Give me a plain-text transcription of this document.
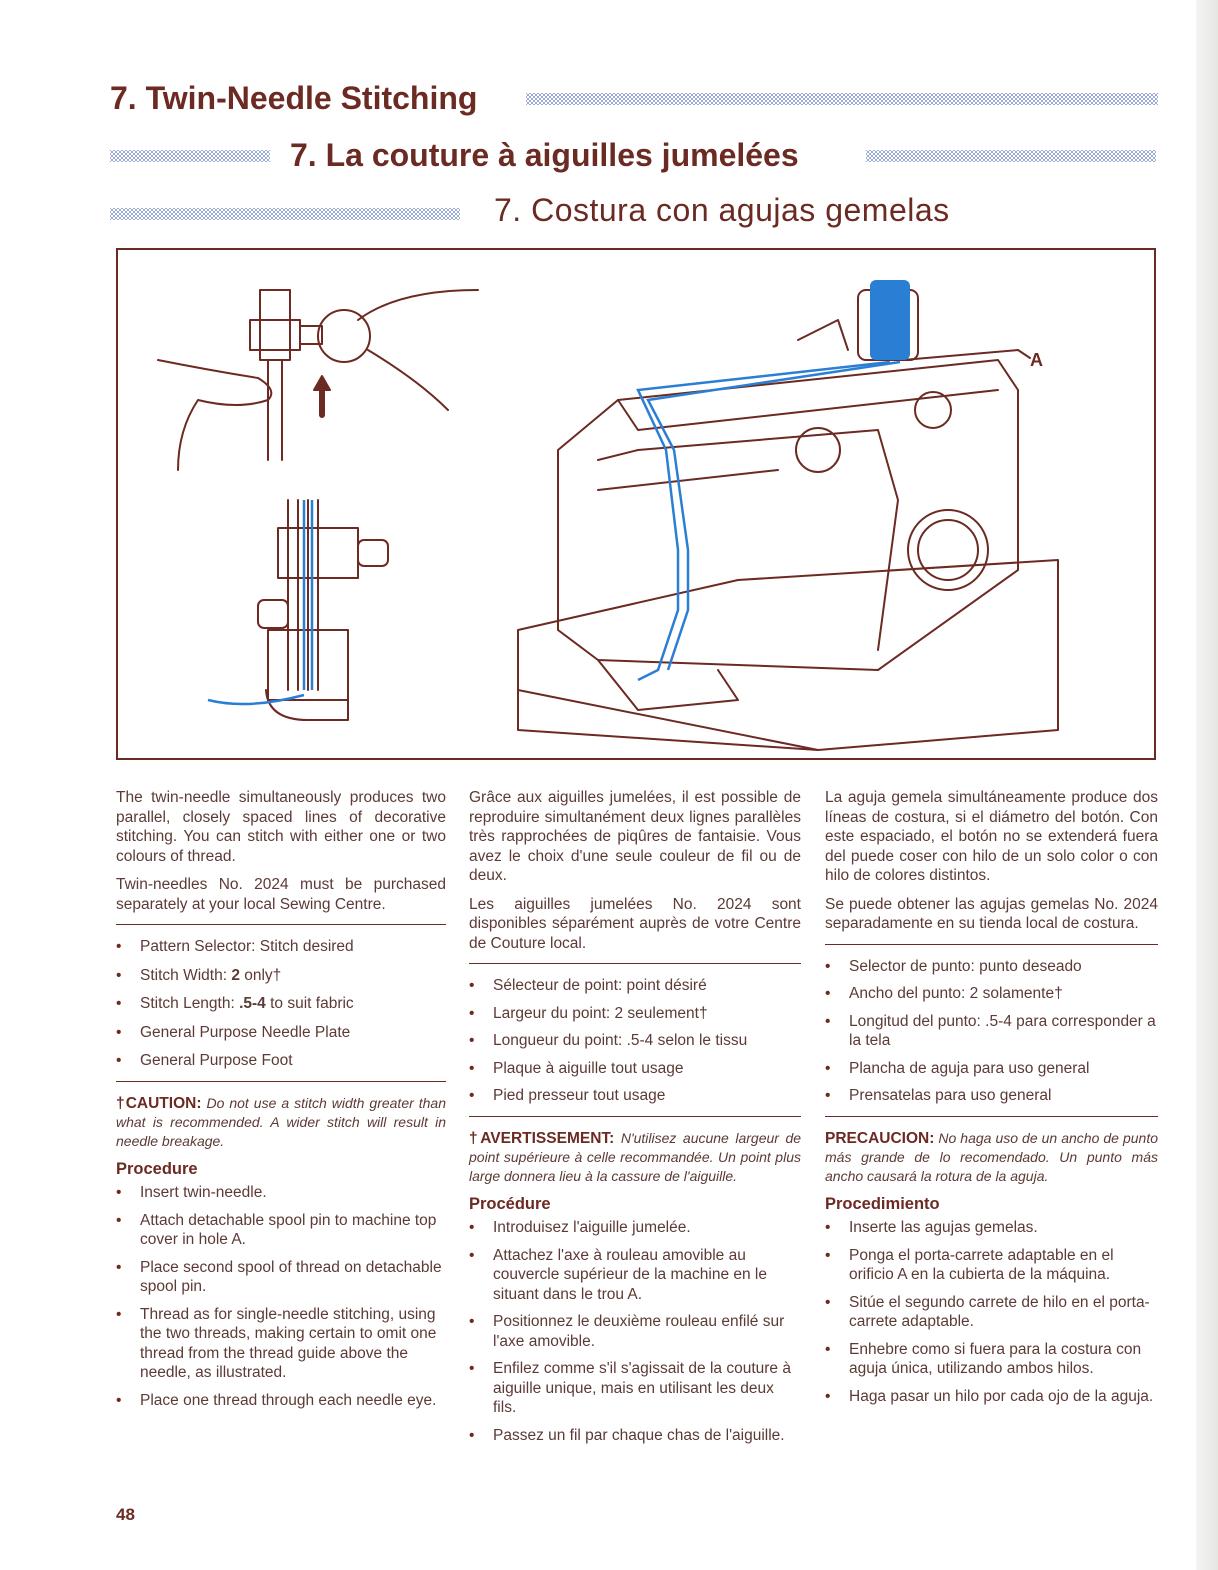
7. Twin-Needle Stitching
7. La couture à aiguilles jumelées
7. Costura con agujas gemelas
A

The twin-needle simultaneously produces two parallel, closely spaced lines of decorative stitching. You can stitch with either one or two colours of thread.

Twin-needles No. 2024 must be purchased separately at your local Sewing Centre.

• Pattern Selector: Stitch desired
• Stitch Width: 2 only†
• Stitch Length: .5-4 to suit fabric
• General Purpose Needle Plate
• General Purpose Foot

†CAUTION: Do not use a stitch width greater than what is recommended. A wider stitch will result in needle breakage.

Procedure
• Insert twin-needle.
• Attach detachable spool pin to machine top cover in hole A.
• Place second spool of thread on detachable spool pin.
• Thread as for single-needle stitching, using the two threads, making certain to omit one thread from the thread guide above the needle, as illustrated.
• Place one thread through each needle eye.

Grâce aux aiguilles jumelées, il est possible de reproduire simultanément deux lignes parallèles très rapprochées de piqûres de fantaisie. Vous avez le choix d'une seule couleur de fil ou de deux.

Les aiguilles jumelées No. 2024 sont disponibles séparément auprès de votre Centre de Couture local.

• Sélecteur de point: point désiré
• Largeur du point: 2 seulement†
• Longueur du point: .5-4 selon le tissu
• Plaque à aiguille tout usage
• Pied presseur tout usage

†AVERTISSEMENT: N'utilisez aucune largeur de point supérieure à celle recommandée. Un point plus large donnera lieu à la cassure de l'aiguille.

Procédure
• Introduisez l'aiguille jumelée.
• Attachez l'axe à rouleau amovible au couvercle supérieur de la machine en le situant dans le trou A.
• Positionnez le deuxième rouleau enfilé sur l'axe amovible.
• Enfilez comme s'il s'agissait de la couture à aiguille unique, mais en utilisant les deux fils.
• Passez un fil par chaque chas de l'aiguille.

La aguja gemela simultáneamente produce dos líneas de costura, si el diámetro del botón. Con este espaciado, el botón no se extenderá fuera del puede coser con hilo de un solo color o con hilo de colores distintos.

Se puede obtener las agujas gemelas No. 2024 separadamente en su tienda local de costura.

• Selector de punto: punto deseado
• Ancho del punto: 2 solamente†
• Longitud del punto: .5-4 para corresponder a la tela
• Plancha de aguja para uso general
• Prensatelas para uso general

PRECAUCION: No haga uso de un ancho de punto más grande de lo recomendado. Un punto más ancho causará la rotura de la aguja.

Procedimiento
• Inserte las agujas gemelas.
• Ponga el porta-carrete adaptable en el orificio A en la cubierta de la máquina.
• Sitúe el segundo carrete de hilo en el porta-carrete adaptable.
• Enhebre como si fuera para la costura con aguja única, utilizando ambos hilos.
• Haga pasar un hilo por cada ojo de la aguja.
48
